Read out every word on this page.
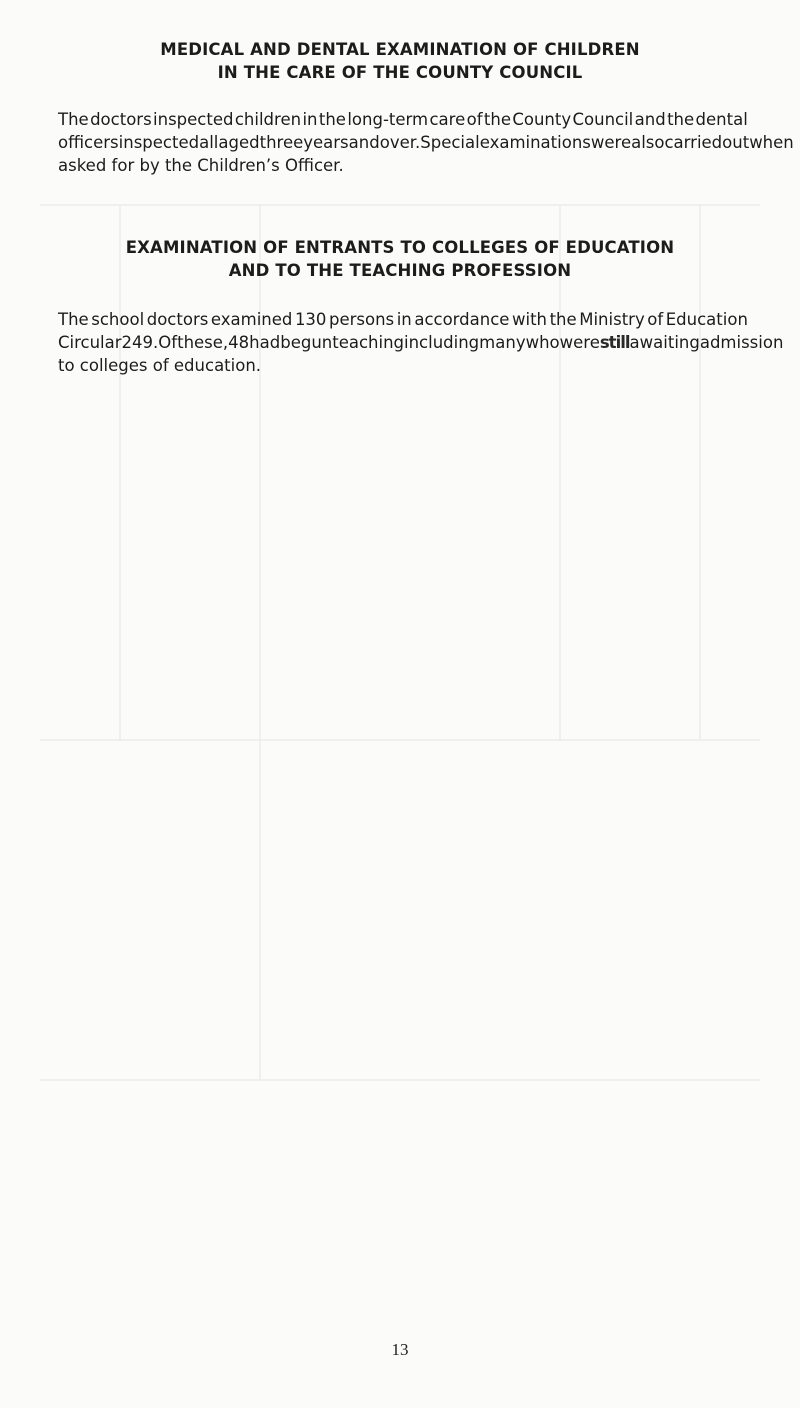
MEDICAL AND DENTAL EXAMINATION OF CHILDREN
IN THE CARE OF THE COUNTY COUNCIL
The doctors inspected children in the long-term care of the County Council and the dental
officers inspected all aged three years and over. Special examinations were also carried out when
asked for by the Children’s Officer.
EXAMINATION OF ENTRANTS TO COLLEGES OF EDUCATION
AND TO THE TEACHING PROFESSION
The school doctors examined 130 persons in accordance with the Ministry of Education
Circular 249. Of these, 48 had begun teaching including many who were still awaiting admission
to colleges of education.
13
